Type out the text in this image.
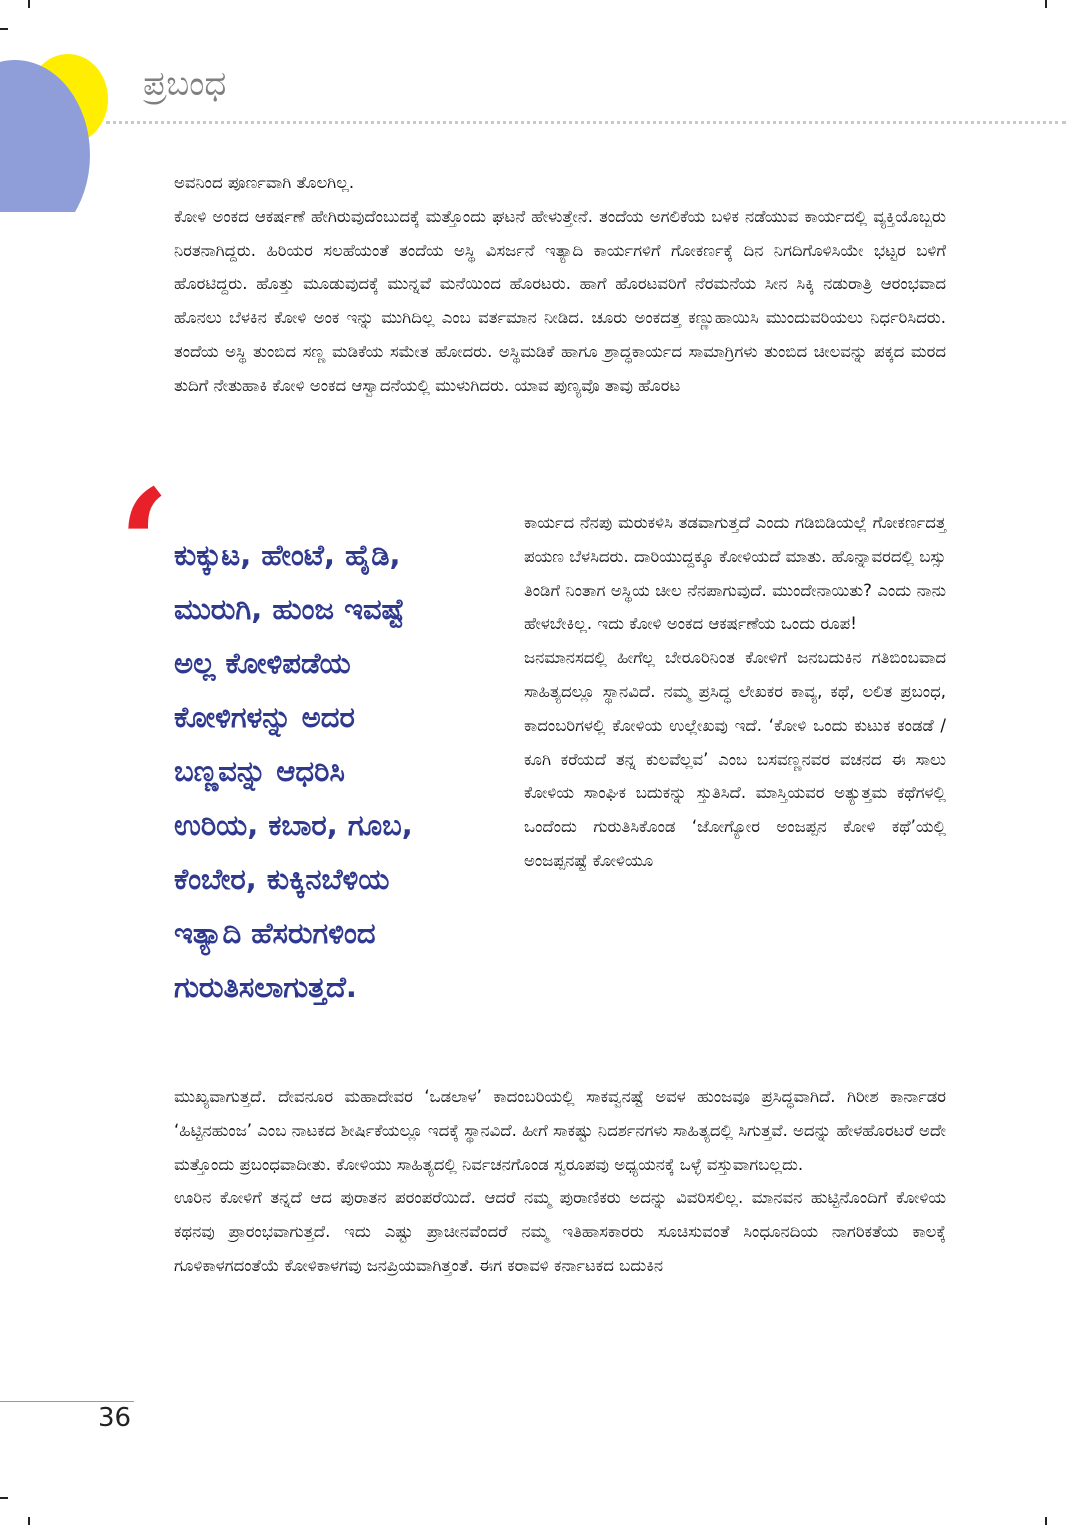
ಪ್ರಬಂಧ

ಅವನಿಂದ ಪೂರ್ಣವಾಗಿ ತೊಲಗಿಲ್ಲ.
ಕೋಳಿ ಅಂಕದ ಆಕರ್ಷಣೆ ಹೇಗಿರುವುದೆಂಬುದಕ್ಕೆ ಮತ್ತೊಂದು ಘಟನೆ ಹೇಳುತ್ತೇನೆ. ತಂದೆಯ ಅಗಲಿಕೆಯ ಬಳಿಕ ನಡೆಯುವ ಕಾರ್ಯದಲ್ಲಿ ವ್ಯಕ್ತಿಯೊಬ್ಬರು ನಿರತನಾಗಿದ್ದರು. ಹಿರಿಯರ ಸಲಹೆಯಂತೆ ತಂದೆಯ ಅಸ್ಥಿ ವಿಸರ್ಜನೆ ಇತ್ಯಾದಿ ಕಾರ್ಯಗಳಿಗೆ ಗೋಕರ್ಣಕ್ಕೆ ದಿನ ನಿಗದಿಗೊಳಿಸಿಯೇ ಭಟ್ಟರ ಬಳಿಗೆ ಹೊರಟಿದ್ದರು. ಹೊತ್ತು ಮೂಡುವುದಕ್ಕೆ ಮುನ್ನವೆ ಮನೆಯಿಂದ ಹೊರಟರು. ಹಾಗೆ ಹೊರಟವರಿಗೆ ನೆರಮನೆಯ ಸೀನ ಸಿಕ್ಕಿ ನಡುರಾತ್ರಿ ಆರಂಭವಾದ ಹೊನಲು ಬೆಳಕಿನ ಕೋಳಿ ಅಂಕ ಇನ್ನು ಮುಗಿದಿಲ್ಲ ಎಂಬ ವರ್ತಮಾನ ನೀಡಿದ. ಚೂರು ಅಂಕದತ್ತ ಕಣ್ಣುಹಾಯಿಸಿ ಮುಂದುವರಿಯಲು ನಿರ್ಧರಿಸಿದರು. ತಂದೆಯ ಅಸ್ಥಿ ತುಂಬಿದ ಸಣ್ಣ ಮಡಿಕೆಯ ಸಮೇತ ಹೋದರು. ಅಸ್ಥಿಮಡಿಕೆ ಹಾಗೂ ಶ್ರಾದ್ಧಕಾರ್ಯದ ಸಾಮಾಗ್ರಿಗಳು ತುಂಬಿದ ಚೀಲವನ್ನು ಪಕ್ಕದ ಮರದ ತುದಿಗೆ ನೇತುಹಾಕಿ ಕೋಳಿ ಅಂಕದ ಆಸ್ವಾದನೆಯಲ್ಲಿ ಮುಳುಗಿದರು. ಯಾವ ಪುಣ್ಯವೊ ತಾವು ಹೊರಟ

‘ ಕುಕ್ಕುಟ, ಹೇಂಟೆ, ಹೈಡಿ,
ಮುರುಗಿ, ಹುಂಜ ಇವಷ್ಟೆ
ಅಲ್ಲ ಕೋಳಿಪಡೆಯ
ಕೋಳಿಗಳನ್ನು ಅದರ
ಬಣ್ಣವನ್ನು ಆಧರಿಸಿ
ಉರಿಯ, ಕಬಾರ, ಗೂಬ,
ಕೆಂಬೇರ, ಕುಕ್ಕಿನಬೆಳಿಯ
ಇತ್ಯಾದಿ ಹೆಸರುಗಳಿಂದ
ಗುರುತಿಸಲಾಗುತ್ತದೆ.

ಕಾರ್ಯದ ನೆನಪು ಮರುಕಳಿಸಿ ತಡವಾಗುತ್ತದೆ ಎಂದು ಗಡಿಬಿಡಿಯಲ್ಲೆ ಗೋಕರ್ಣದತ್ತ ಪಯಣ ಬೆಳಸಿದರು. ದಾರಿಯುದ್ದಕ್ಕೂ ಕೋಳಿಯದೆ ಮಾತು. ಹೊನ್ನಾವರದಲ್ಲಿ ಬಸ್ಸು ತಿಂಡಿಗೆ ನಿಂತಾಗ ಅಸ್ಥಿಯ ಚೀಲ ನೆನಪಾಗುವುದೆ. ಮುಂದೇನಾಯಿತು? ಎಂದು ನಾನು ಹೇಳಬೇಕಿಲ್ಲ. ಇದು ಕೋಳಿ ಅಂಕದ ಆಕರ್ಷಣೆಯ ಒಂದು ರೂಪ!
ಜನಮಾನಸದಲ್ಲಿ ಹೀಗೆಲ್ಲ ಬೇರೂರಿನಿಂತ ಕೋಳಿಗೆ ಜನಬದುಕಿನ ಗತಿಬಿಂಬವಾದ ಸಾಹಿತ್ಯದಲ್ಲೂ ಸ್ಥಾನವಿದೆ. ನಮ್ಮ ಪ್ರಸಿದ್ಧ ಲೇಖಕರ ಕಾವ್ಯ, ಕಥೆ, ಲಲಿತ ಪ್ರಬಂಧ, ಕಾದಂಬರಿಗಳಲ್ಲಿ ಕೋಳಿಯ ಉಲ್ಲೇಖವು ಇದೆ. ‘ಕೋಳಿ ಒಂದು ಕುಟುಕ ಕಂಡಡೆ / ಕೂಗಿ ಕರೆಯದೆ ತನ್ನ ಕುಲವೆಲ್ಲವ’ ಎಂಬ ಬಸವಣ್ಣನವರ ವಚನದ ಈ ಸಾಲು ಕೋಳಿಯ ಸಾಂಘಿಕ ಬದುಕನ್ನು ಸ್ತುತಿಸಿದೆ. ಮಾಸ್ತಿಯವರ ಅತ್ಯುತ್ತಮ ಕಥೆಗಳಲ್ಲಿ ಒಂದೆಂದು ಗುರುತಿಸಿಕೊಂಡ ‘ಜೋಗ್ಯೋರ ಅಂಜಪ್ಪನ ಕೋಳಿ ಕಥೆ’ಯಲ್ಲಿ ಅಂಜಪ್ಪನಷ್ಟೆ ಕೋಳಿಯೂ

ಮುಖ್ಯವಾಗುತ್ತದೆ. ದೇವನೂರ ಮಹಾದೇವರ ‘ಒಡಲಾಳ’ ಕಾದಂಬರಿಯಲ್ಲಿ ಸಾಕವ್ವನಷ್ಟೆ ಅವಳ ಹುಂಜವೂ ಪ್ರಸಿದ್ಧವಾಗಿದೆ. ಗಿರೀಶ ಕಾರ್ನಾಡರ ‘ಹಿಟ್ಟಿನಹುಂಜ’ ಎಂಬ ನಾಟಕದ ಶೀರ್ಷಿಕೆಯಲ್ಲೂ ಇದಕ್ಕೆ ಸ್ಥಾನವಿದೆ. ಹೀಗೆ ಸಾಕಷ್ಟು ನಿದರ್ಶನಗಳು ಸಾಹಿತ್ಯದಲ್ಲಿ ಸಿಗುತ್ತವೆ. ಅದನ್ನು ಹೇಳಹೊರಟರೆ ಅದೇ ಮತ್ತೊಂದು ಪ್ರಬಂಧವಾದೀತು. ಕೋಳಿಯು ಸಾಹಿತ್ಯದಲ್ಲಿ ನಿರ್ವಚನಗೊಂಡ ಸ್ವರೂಪವು ಅಧ್ಯಯನಕ್ಕೆ ಒಳ್ಳೆ ವಸ್ತುವಾಗಬಲ್ಲದು.
ಊರಿನ ಕೋಳಿಗೆ ತನ್ನದೆ ಆದ ಪುರಾತನ ಪರಂಪರೆಯಿದೆ. ಆದರೆ ನಮ್ಮ ಪುರಾಣಿಕರು ಅದನ್ನು ವಿವರಿಸಲಿಲ್ಲ. ಮಾನವನ ಹುಟ್ಟಿನೊಂದಿಗೆ ಕೋಳಿಯ ಕಥನವು ಪ್ರಾರಂಭವಾಗುತ್ತದೆ. ಇದು ಎಷ್ಟು ಪ್ರಾಚೀನವೆಂದರೆ ನಮ್ಮ ಇತಿಹಾಸಕಾರರು ಸೂಚಿಸುವಂತೆ ಸಿಂಧೂನದಿಯ ನಾಗರಿಕತೆಯ ಕಾಲಕ್ಕೆ ಗೂಳಿಕಾಳಗದಂತೆಯೆ ಕೋಳಿಕಾಳಗವು ಜನಪ್ರಿಯವಾಗಿತ್ತಂತೆ. ಈಗ ಕರಾವಳಿ ಕರ್ನಾಟಕದ ಬದುಕಿನ

36
